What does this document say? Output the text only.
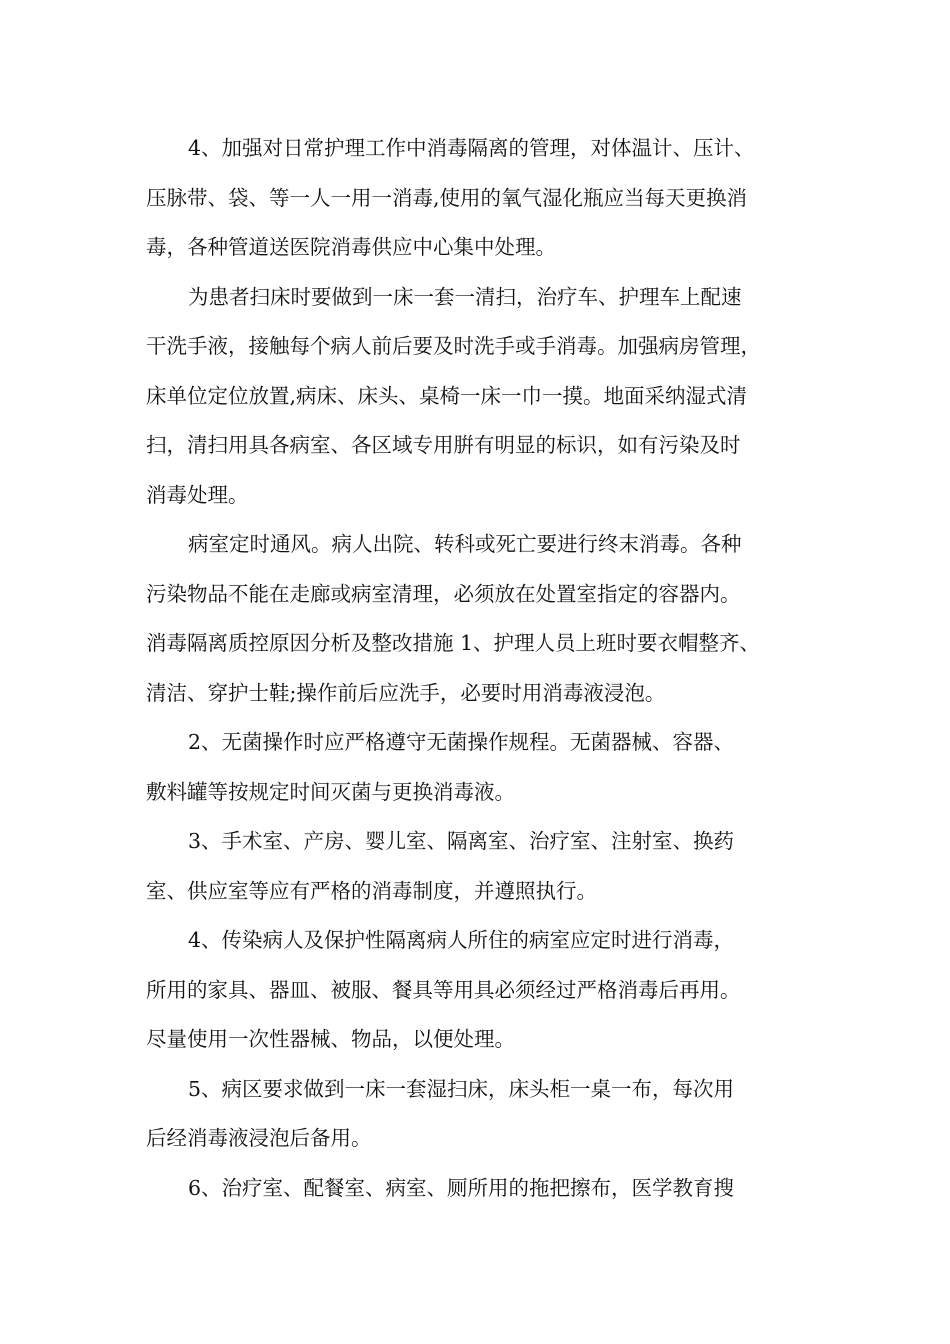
4、加强对日常护理工作中消毒隔离的管理，对体温计、压计、
压脉带、袋、等一人一用一消毒,使用的氧气湿化瓶应当每天更换消
毒，各种管道送医院消毒供应中心集中处理。
为患者扫床时要做到一床一套一清扫，治疗车、护理车上配速
干洗手液，接触每个病人前后要及时洗手或手消毒。加强病房管理，
床单位定位放置,病床、床头、桌椅一床一巾一摸。地面采纳湿式清
扫，清扫用具各病室、各区域专用腁有明显的标识，如有污染及时
消毒处理。
病室定时通风。病人出院、转科或死亡要进行终末消毒。各种
污染物品不能在走廊或病室清理，必须放在处置室指定的容器内。
消毒隔离质控原因分析及整改措施 1、护理人员上班时要衣帽整齐、
清洁、穿护士鞋;操作前后应洗手，必要时用消毒液浸泡。
2、无菌操作时应严格遵守无菌操作规程。无菌器械、容器、
敷料罐等按规定时间灭菌与更换消毒液。
3、手术室、产房、婴儿室、隔离室、治疗室、注射室、换药
室、供应室等应有严格的消毒制度，并遵照执行。
4、传染病人及保护性隔离病人所住的病室应定时进行消毒，
所用的家具、器皿、被服、餐具等用具必须经过严格消毒后再用。
尽量使用一次性器械、物品，以便处理。
5、病区要求做到一床一套湿扫床，床头柜一桌一布，每次用
后经消毒液浸泡后备用。
6、治疗室、配餐室、病室、厕所用的拖把擦布，医学教育搜
